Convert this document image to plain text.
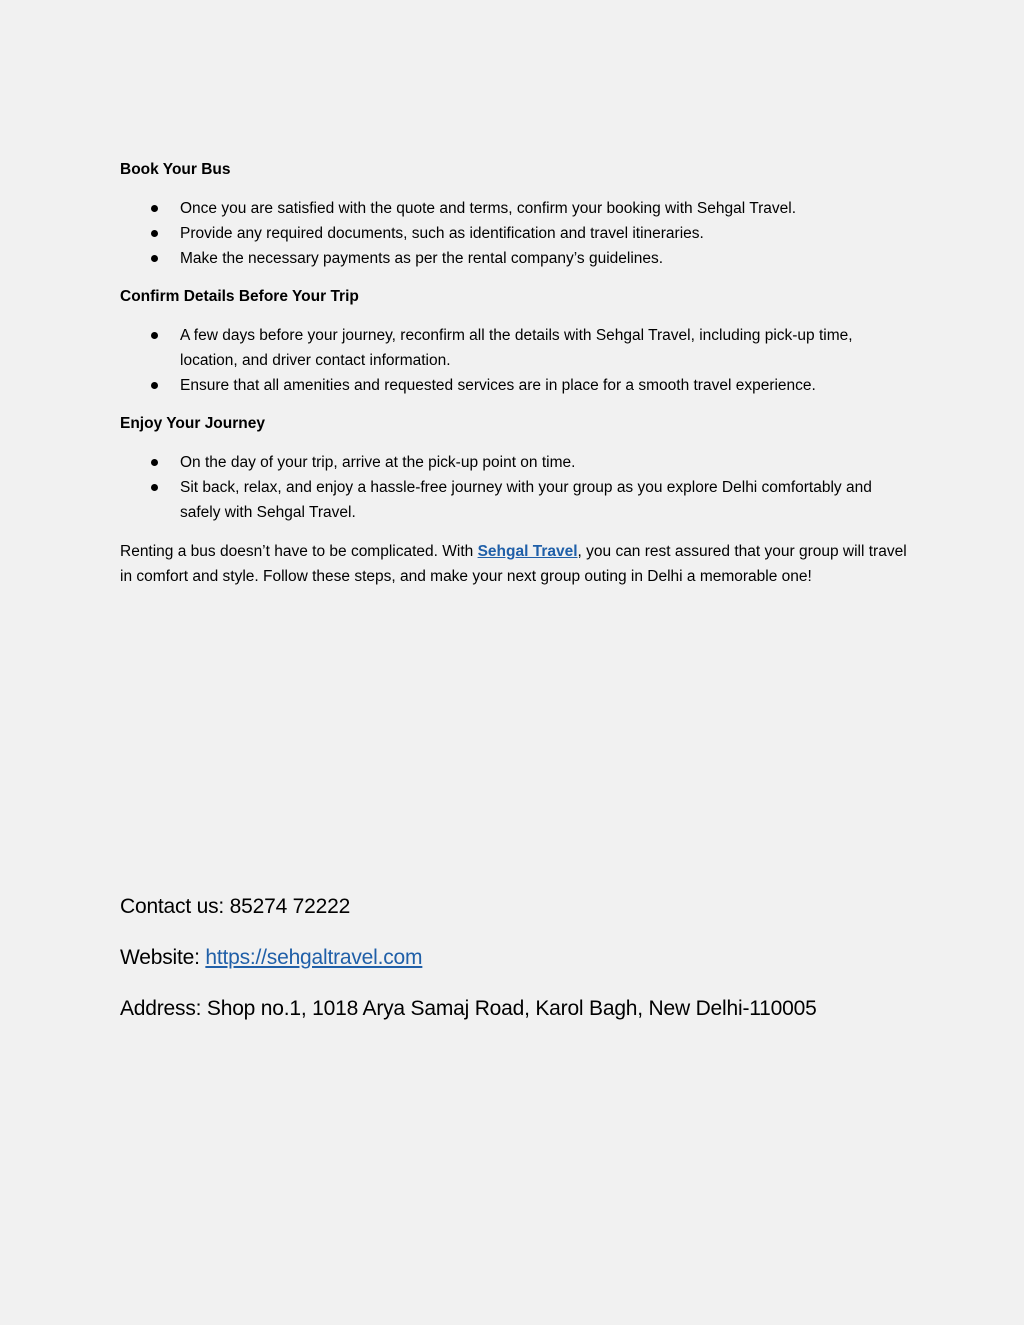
Book Your Bus
Once you are satisfied with the quote and terms, confirm your booking with Sehgal Travel.
Provide any required documents, such as identification and travel itineraries.
Make the necessary payments as per the rental company’s guidelines.
Confirm Details Before Your Trip
A few days before your journey, reconfirm all the details with Sehgal Travel, including pick-up time, location, and driver contact information.
Ensure that all amenities and requested services are in place for a smooth travel experience.
Enjoy Your Journey
On the day of your trip, arrive at the pick-up point on time.
Sit back, relax, and enjoy a hassle-free journey with your group as you explore Delhi comfortably and safely with Sehgal Travel.

Renting a bus doesn’t have to be complicated. With Sehgal Travel, you can rest assured that your group will travel in comfort and style. Follow these steps, and make your next group outing in Delhi a memorable one!

Contact us: 85274 72222
Website: https://sehgaltravel.com
Address: Shop no.1, 1018 Arya Samaj Road, Karol Bagh, New Delhi-110005
